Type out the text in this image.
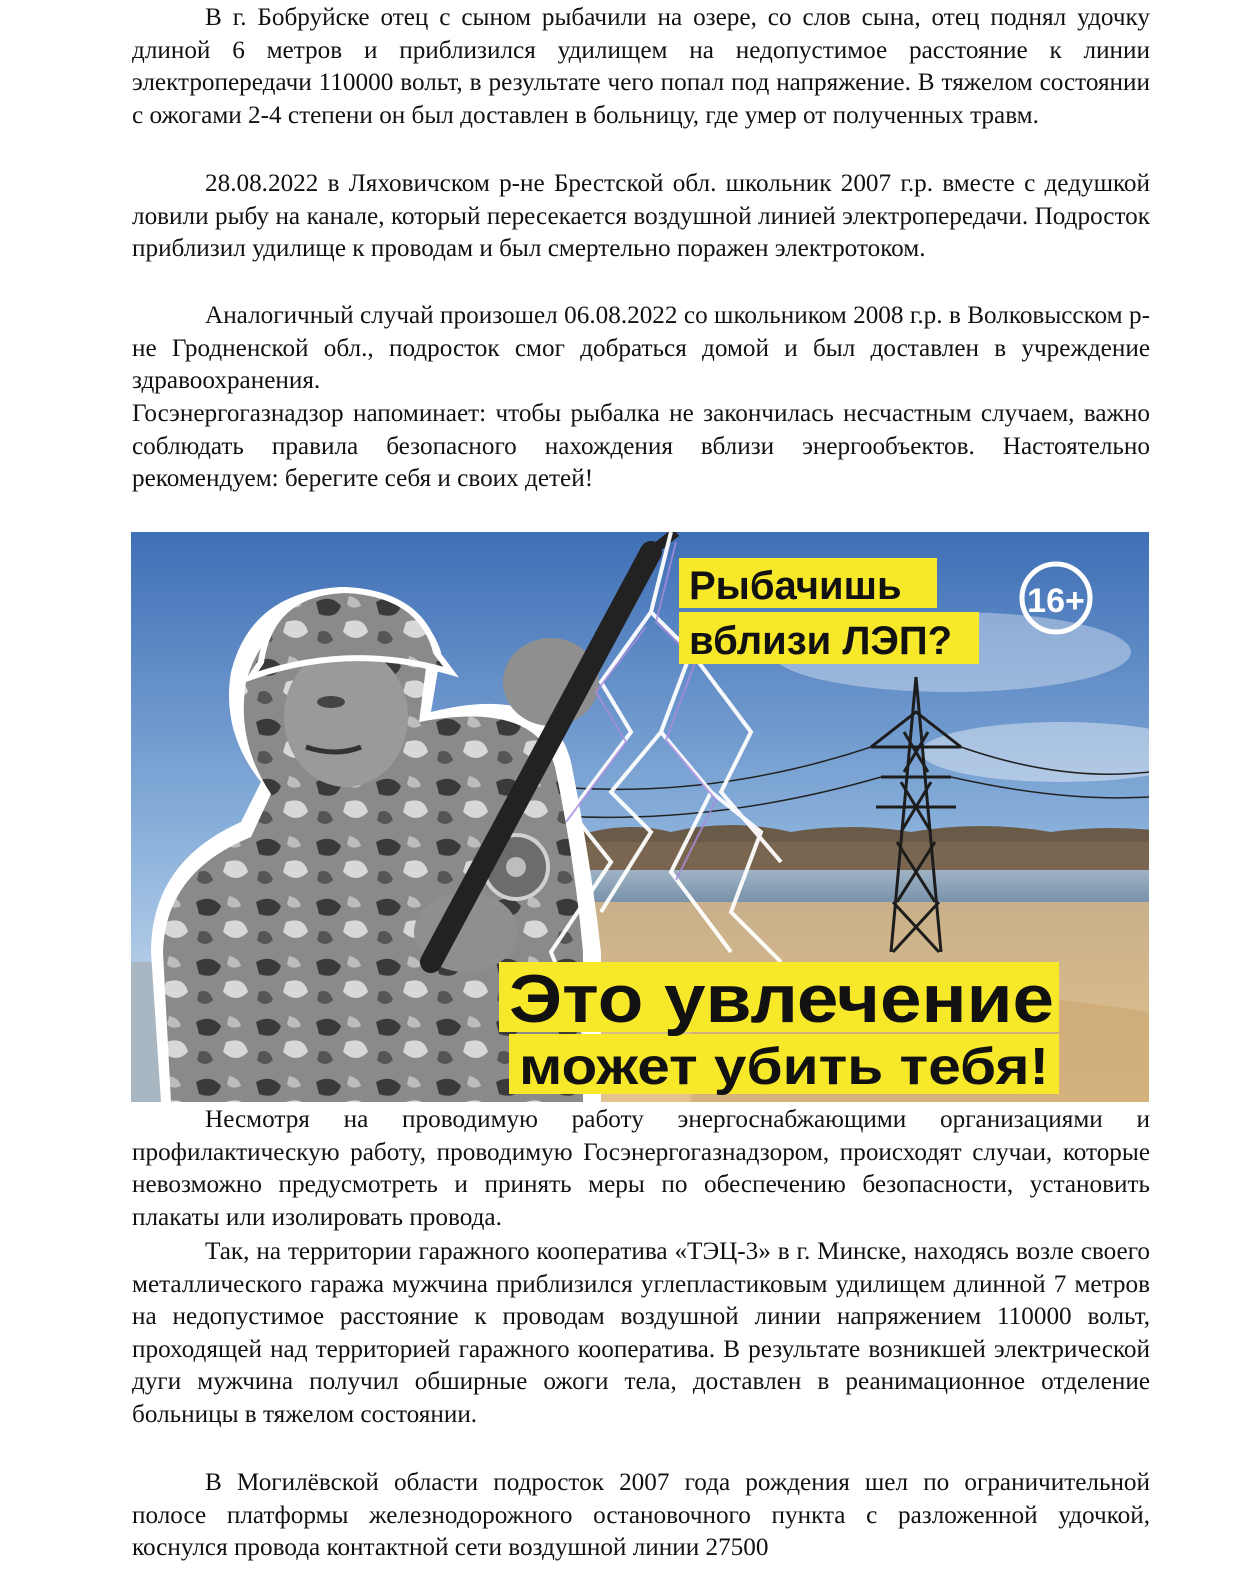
В г. Бобруйске отец с сыном рыбачили на озере, со слов сына, отец поднял удочку длиной 6 метров и приблизился удилищем на недопустимое расстояние к линии электропередачи 110000 вольт, в результате чего попал под напряжение. В тяжелом состоянии с ожогами 2-4 степени он был доставлен в больницу, где умер от полученных травм.

28.08.2022 в Ляховичском р-не Брестской обл. школьник 2007 г.р. вместе с дедушкой ловили рыбу на канале, который пересекается воздушной линией электропередачи. Подросток приблизил удилище к проводам и был смертельно поражен электротоком.

Аналогичный случай произошел 06.08.2022 со школьником 2008 г.р. в Волковысском р-не Гродненской обл., подросток смог добраться домой и был доставлен в учреждение здравоохранения.

Госэнергогазнадзор напоминает: чтобы рыбалка не закончилась несчастным случаем, важно соблюдать правила безопасного нахождения вблизи энергообъектов. Настоятельно рекомендуем: берегите себя и своих детей!

Рыбачишь
вблизи ЛЭП?
16+
Это увлечение
может убить тебя!

Несмотря на проводимую работу энергоснабжающими организациями и профилактическую работу, проводимую Госэнергогазнадзором, происходят случаи, которые невозможно предусмотреть и принять меры по обеспечению безопасности, установить плакаты или изолировать провода.

Так, на территории гаражного кооператива «ТЭЦ-3» в г. Минске, находясь возле своего металлического гаража мужчина приблизился углепластиковым удилищем длинной 7 метров на недопустимое расстояние к проводам воздушной линии напряжением 110000 вольт, проходящей над территорией гаражного кооператива. В результате возникшей электрической дуги мужчина получил обширные ожоги тела, доставлен в реанимационное отделение больницы в тяжелом состоянии.

В Могилёвской области подросток 2007 года рождения шел по ограничительной полосе платформы железнодорожного остановочного пункта с разложенной удочкой, коснулся провода контактной сети воздушной линии 27500
